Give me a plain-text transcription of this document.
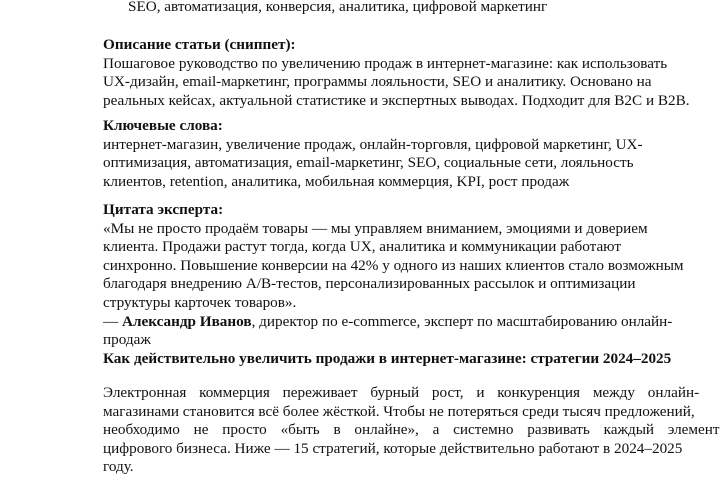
SEO, автоматизация, конверсия, аналитика, цифровой маркетинг
Описание статьи (сниппет):
Пошаговое руководство по увеличению продаж в интернет-магазине: как использовать
UX-дизайн, email-маркетинг, программы лояльности, SEO и аналитику. Основано на
реальных кейсах, актуальной статистике и экспертных выводах. Подходит для B2C и B2B.
Ключевые слова:
интернет-магазин, увеличение продаж, онлайн-торговля, цифровой маркетинг, UX-
оптимизация, автоматизация, email-маркетинг, SEO, социальные сети, лояльность
клиентов, retention, аналитика, мобильная коммерция, KPI, рост продаж
Цитата эксперта:
«Мы не просто продаём товары — мы управляем вниманием, эмоциями и доверием
клиента. Продажи растут тогда, когда UX, аналитика и коммуникации работают
синхронно. Повышение конверсии на 42% у одного из наших клиентов стало возможным
благодаря внедрению A/B-тестов, персонализированных рассылок и оптимизации
структуры карточек товаров».
— Александр Иванов, директор по e-commerce, эксперт по масштабированию онлайн-
продаж
Как действительно увеличить продажи в интернет-магазине: стратегии 2024–2025
Электронная коммерция переживает бурный рост, и конкуренция между онлайн-
магазинами становится всё более жёсткой. Чтобы не потеряться среди тысяч предложений,
необходимо не просто «быть в онлайне», а системно развивать каждый элемент
цифрового бизнеса. Ниже — 15 стратегий, которые действительно работают в 2024–2025
году.
